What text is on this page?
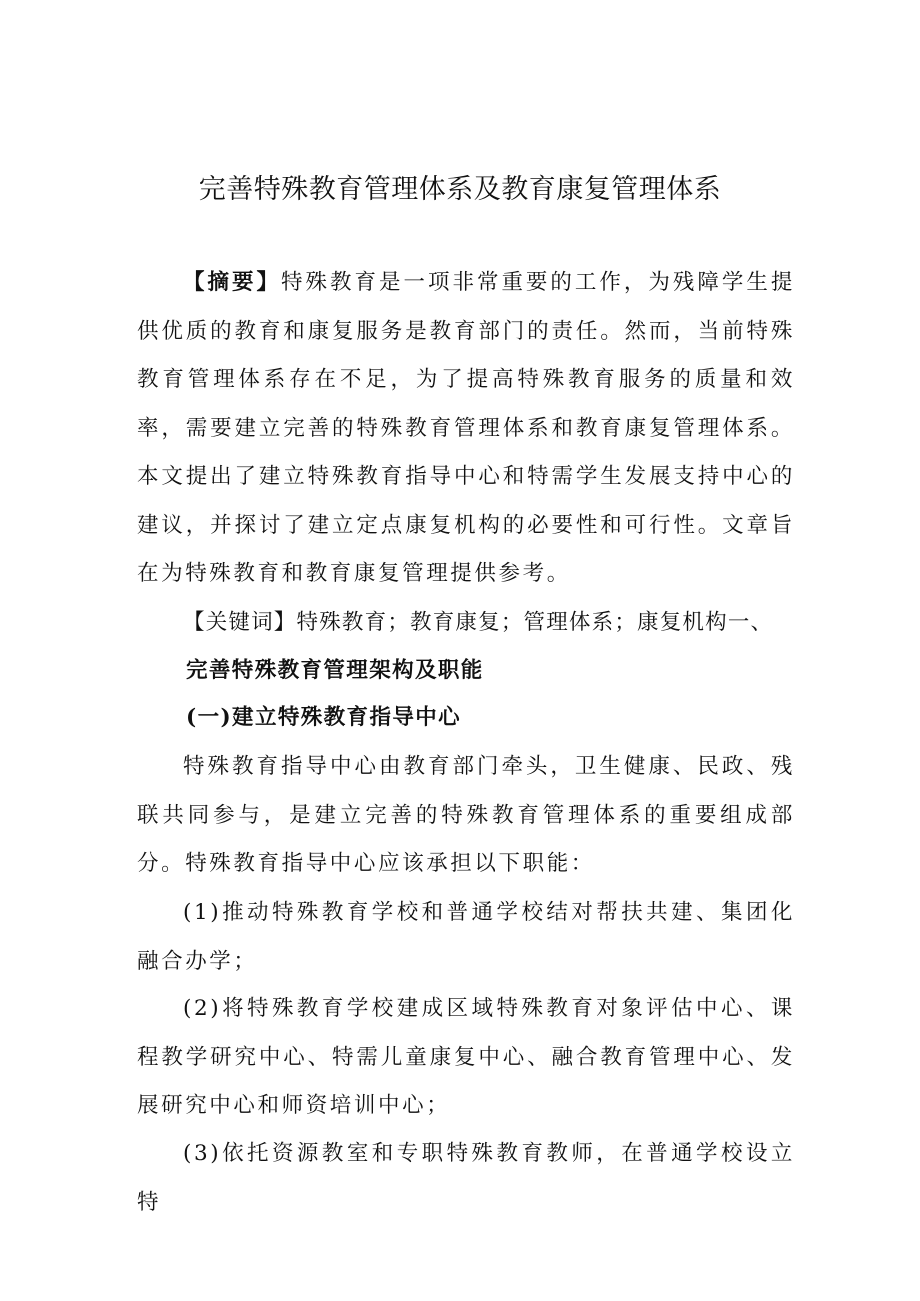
完善特殊教育管理体系及教育康复管理体系

【摘要】特殊教育是一项非常重要的工作，为残障学生提供优质的教育和康复服务是教育部门的责任。然而，当前特殊教育管理体系存在不足，为了提高特殊教育服务的质量和效率，需要建立完善的特殊教育管理体系和教育康复管理体系。本文提出了建立特殊教育指导中心和特需学生发展支持中心的建议，并探讨了建立定点康复机构的必要性和可行性。文章旨在为特殊教育和教育康复管理提供参考。

【关键词】特殊教育；教育康复；管理体系；康复机构一、

完善特殊教育管理架构及职能

(一)建立特殊教育指导中心

特殊教育指导中心由教育部门牵头，卫生健康、民政、残联共同参与，是建立完善的特殊教育管理体系的重要组成部分。特殊教育指导中心应该承担以下职能：

(1)推动特殊教育学校和普通学校结对帮扶共建、集团化融合办学；

(2)将特殊教育学校建成区域特殊教育对象评估中心、课程教学研究中心、特需儿童康复中心、融合教育管理中心、发展研究中心和师资培训中心；

(3)依托资源教室和专职特殊教育教师，在普通学校设立特
